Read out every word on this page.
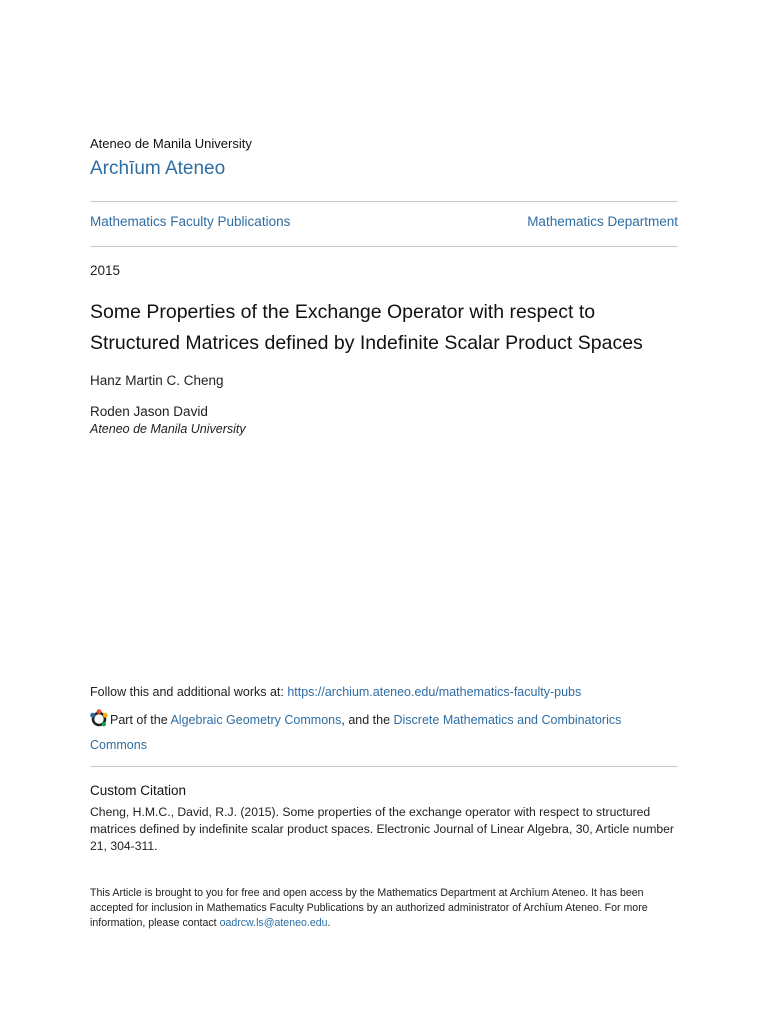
Ateneo de Manila University
Archīum Ateneo
Mathematics Faculty Publications	Mathematics Department
2015
Some Properties of the Exchange Operator with respect to Structured Matrices defined by Indefinite Scalar Product Spaces
Hanz Martin C. Cheng
Roden Jason David
Ateneo de Manila University
Follow this and additional works at: https://archium.ateneo.edu/mathematics-faculty-pubs
Part of the Algebraic Geometry Commons, and the Discrete Mathematics and Combinatorics Commons
Custom Citation
Cheng, H.M.C., David, R.J. (2015). Some properties of the exchange operator with respect to structured matrices defined by indefinite scalar product spaces. Electronic Journal of Linear Algebra, 30, Article number 21, 304-311.
This Article is brought to you for free and open access by the Mathematics Department at Archīum Ateneo. It has been accepted for inclusion in Mathematics Faculty Publications by an authorized administrator of Archīum Ateneo. For more information, please contact oadrcw.ls@ateneo.edu.
